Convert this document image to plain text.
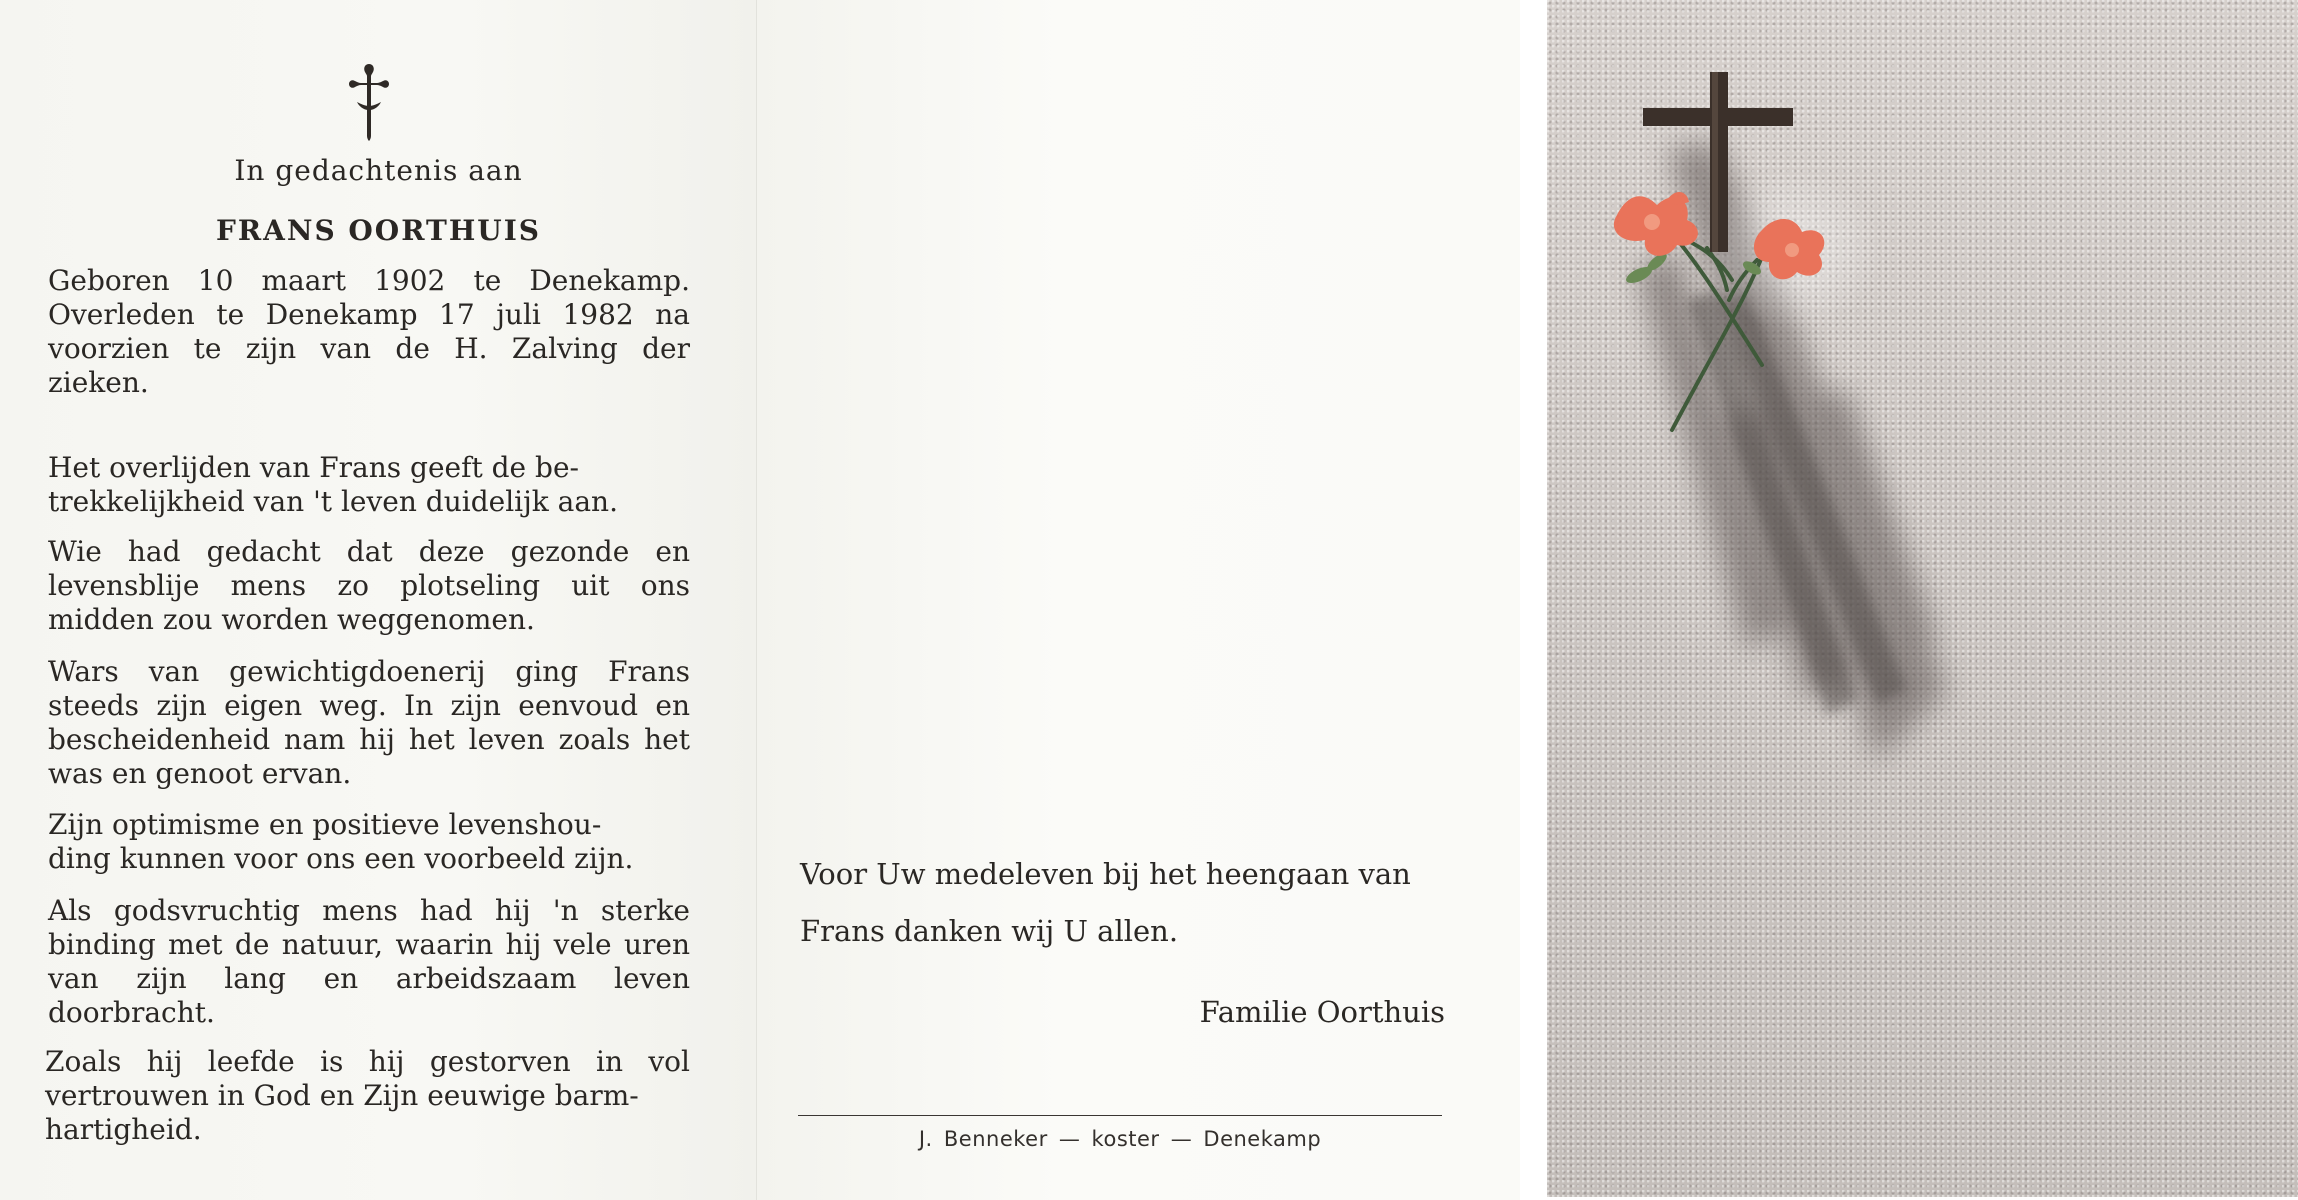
In gedachtenis aan
FRANS OORTHUIS
Geboren 10 maart 1902 te Denekamp. Overleden te Denekamp 17 juli 1982 na voorzien te zijn van de H. Zalving der zieken.
Het overlijden van Frans geeft de be-
trekkelijkheid van 't leven duidelijk aan.
Wie had gedacht dat deze gezonde en levensblije mens zo plotseling uit ons midden zou worden weggenomen.
Wars van gewichtigdoenerij ging Frans steeds zijn eigen weg. In zijn eenvoud en bescheidenheid nam hij het leven zoals het was en genoot ervan.
Zijn optimisme en positieve levenshou-
ding kunnen voor ons een voorbeeld zijn.
Als godsvruchtig mens had hij 'n sterke binding met de natuur, waarin hij vele uren van zijn lang en arbeidszaam leven doorbracht.
Zoals hij leefde is hij gestorven in vol vertrouwen in God en Zijn eeuwige barm-
hartigheid.
Voor Uw medeleven bij het heengaan van
Frans danken wij U allen.
Familie Oorthuis
J. Benneker — koster — Denekamp
